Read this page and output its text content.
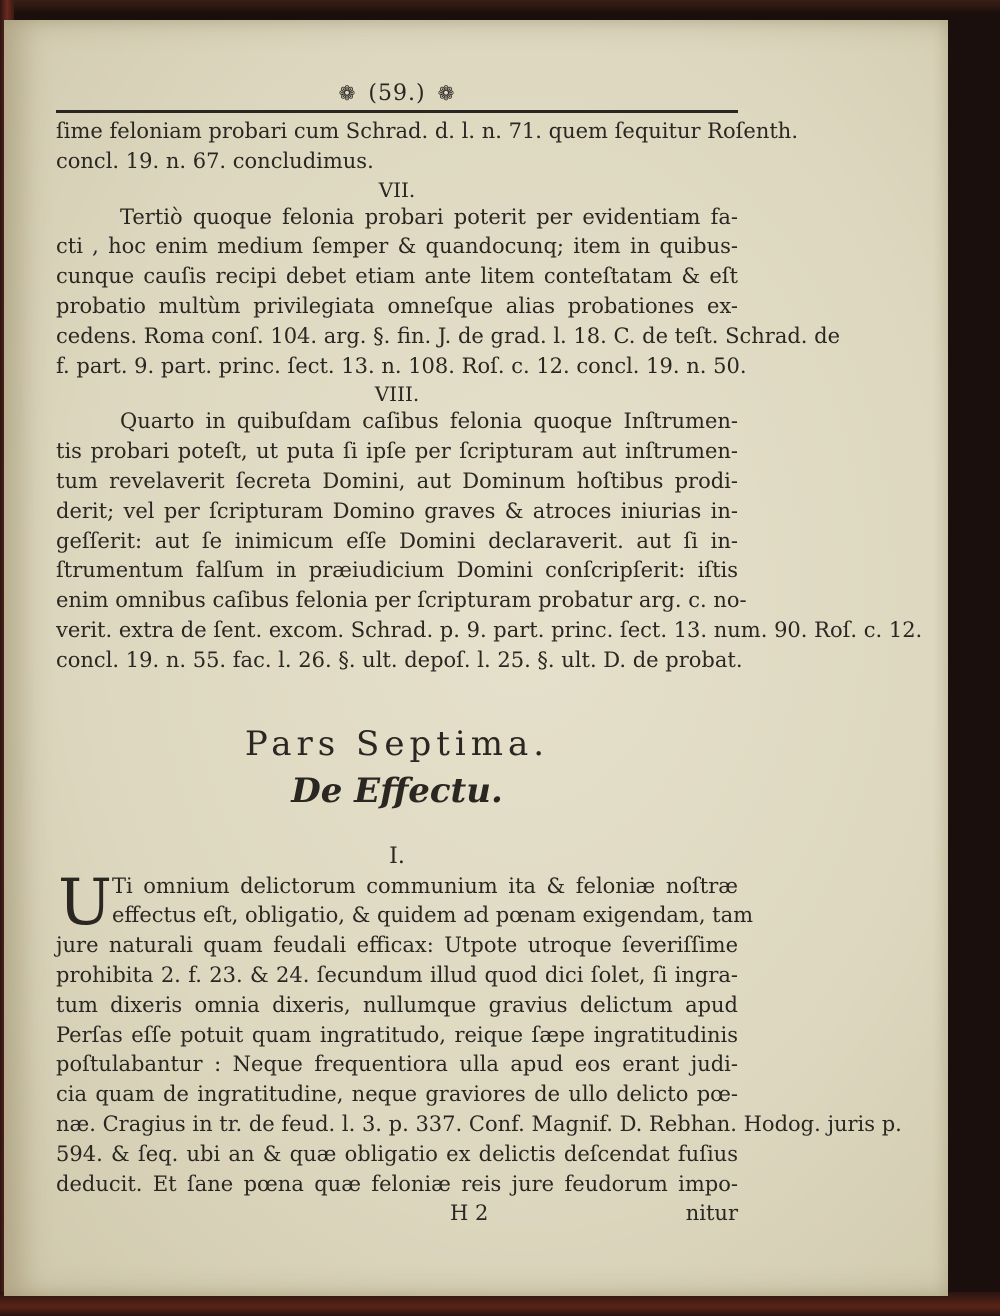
❁ (59.) ❁
ſime feloniam probari cum Schrad. d. l. n. 71. quem ſequitur Roſenth.
concl. 19. n. 67. concludimus.
VII.
Tertiò quoque felonia probari poterit per evidentiam fa-
cti , hoc enim medium ſemper & quandocunq; item in quibus-
cunque cauſis recipi debet etiam ante litem conteſtatam & eſt
probatio multùm privilegiata omneſque alias probationes ex-
cedens. Roma conſ. 104. arg. §. fin. J. de grad. l. 18. C. de teſt. Schrad. de
f. part. 9. part. princ. ſect. 13. n. 108. Roſ. c. 12. concl. 19. n. 50.
VIII.
Quarto in quibuſdam caſibus felonia quoque Inſtrumen-
tis probari poteſt, ut puta ſi ipſe per ſcripturam aut inſtrumen-
tum revelaverit ſecreta Domini, aut Dominum hoſtibus prodi-
derit; vel per ſcripturam Domino graves & atroces iniurias in-
geſſerit: aut ſe inimicum eſſe Domini declaraverit. aut ſi in-
ſtrumentum falſum in præiudicium Domini conſcripſerit: iſtis
enim omnibus caſibus felonia per ſcripturam probatur arg. c. no-
verit. extra de ſent. excom. Schrad. p. 9. part. princ. ſect. 13. num. 90. Roſ. c. 12.
concl. 19. n. 55. fac. l. 26. §. ult. depoſ. l. 25. §. ult. D. de probat.
Pars Septima.
De Effectu.
I.
U Ti omnium delictorum communium ita & feloniæ noſtræ
effectus eſt, obligatio, & quidem ad pœnam exigendam, tam
jure naturali quam feudali efficax: Utpote utroque ſeveriſſime
prohibita 2. f. 23. & 24. ſecundum illud quod dici ſolet, ſi ingra-
tum dixeris omnia dixeris, nullumque gravius delictum apud
Perſas eſſe potuit quam ingratitudo, reique ſæpe ingratitudinis
poſtulabantur : Neque frequentiora ulla apud eos erant judi-
cia quam de ingratitudine, neque graviores de ullo delicto pœ-
næ. Cragius in tr. de feud. l. 3. p. 337. Conf. Magnif. D. Rebhan. Hodog. juris p.
594. & ſeq. ubi an & quæ obligatio ex delictis deſcendat fuſius
deducit. Et ſane pœna quæ feloniæ reis jure feudorum impo-
H 2	nitur
